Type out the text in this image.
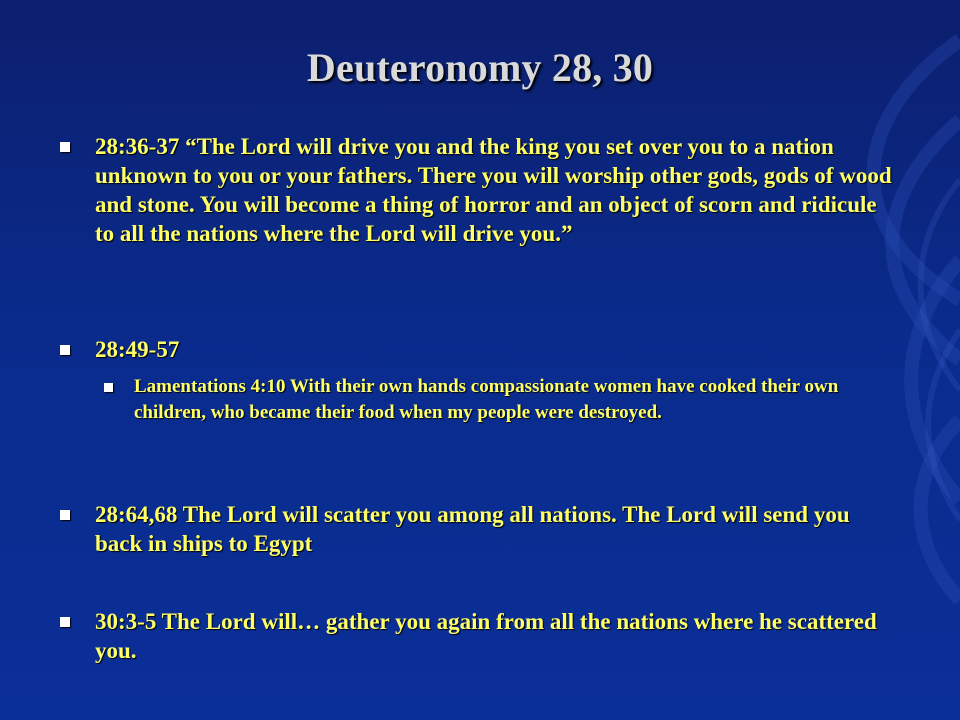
Deuteronomy 28, 30
28:36-37 “The Lord will drive you and the king you set over you to a nation unknown to you or your fathers. There you will worship other gods, gods of wood and stone. You will become a thing of horror and an object of scorn and ridicule to all the nations where the Lord will drive you.”
28:49-57
Lamentations 4:10 With their own hands compassionate women have cooked their own children, who became their food when my people were destroyed.
28:64,68 The Lord will scatter you among all nations. The Lord will send you back in ships to Egypt
30:3-5 The Lord will… gather you again from all the nations where he scattered you.
